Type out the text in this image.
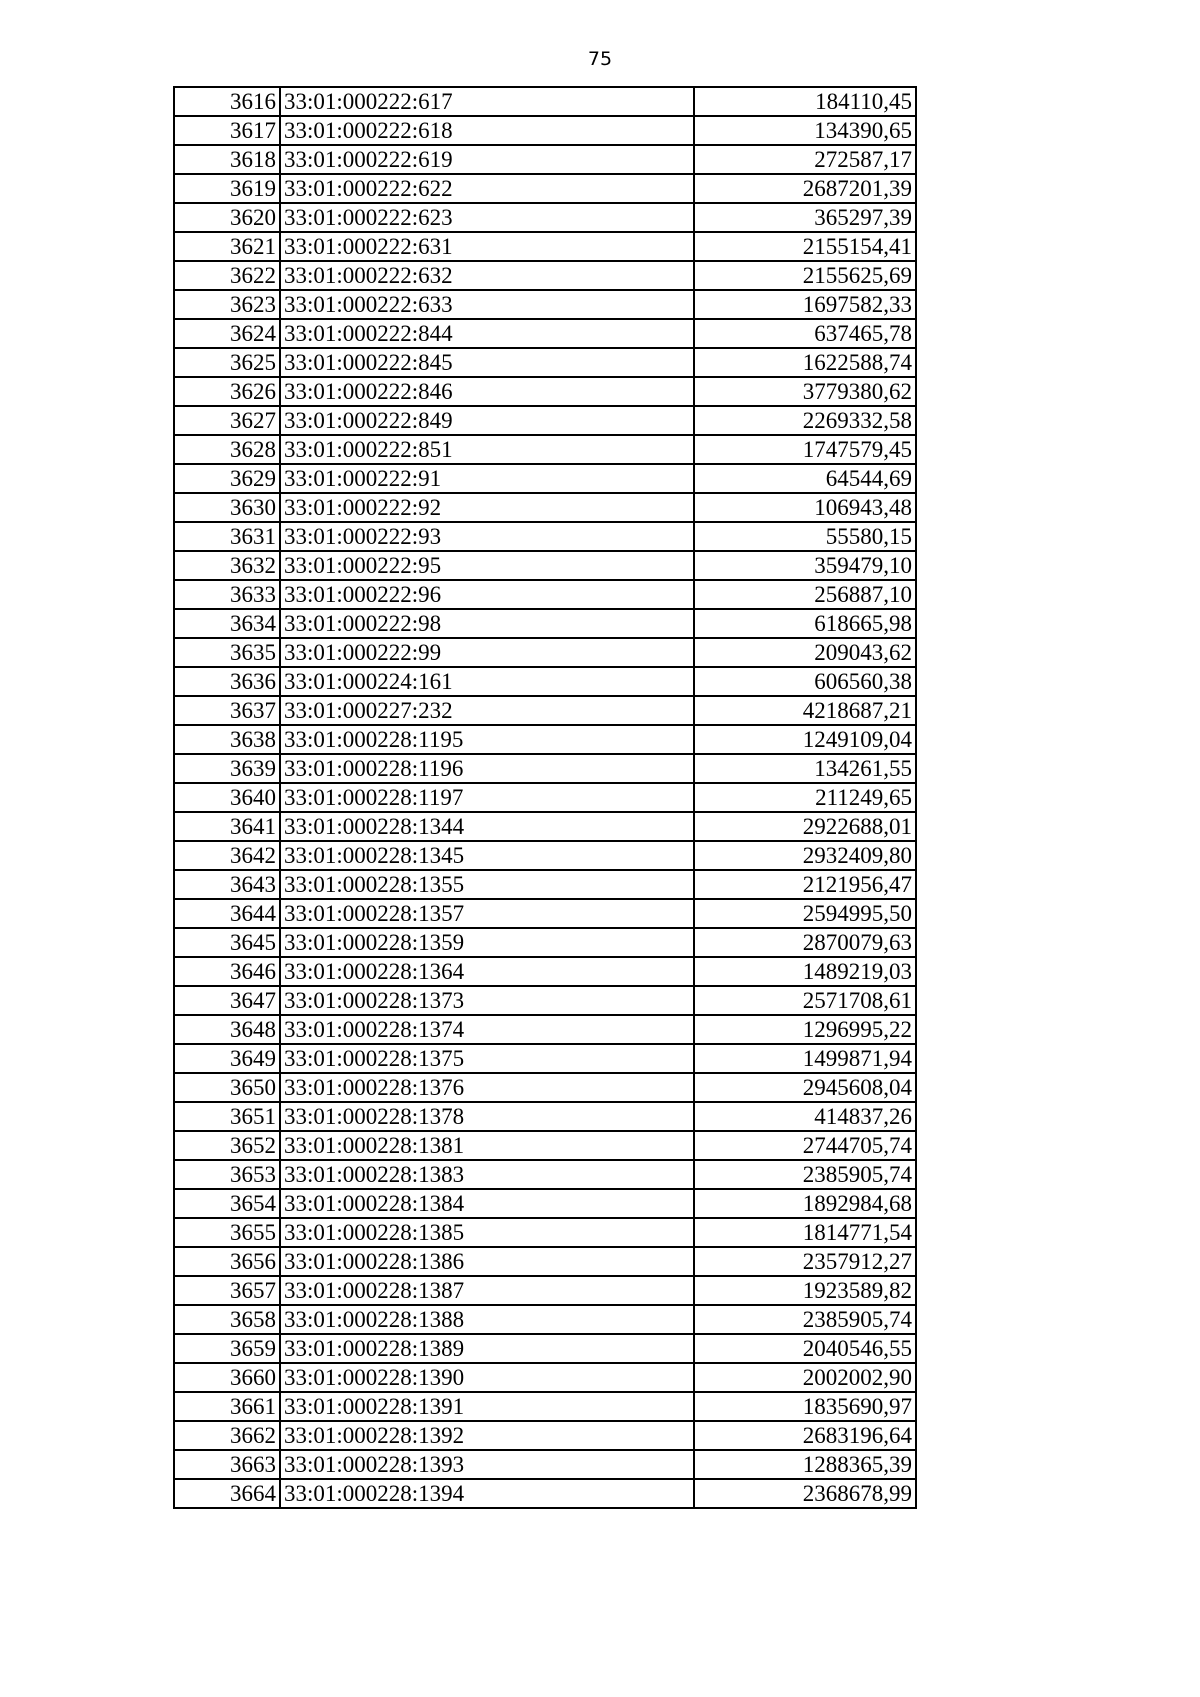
75
3616	33:01:000222:617	184110,45
3617	33:01:000222:618	134390,65
3618	33:01:000222:619	272587,17
3619	33:01:000222:622	2687201,39
3620	33:01:000222:623	365297,39
3621	33:01:000222:631	2155154,41
3622	33:01:000222:632	2155625,69
3623	33:01:000222:633	1697582,33
3624	33:01:000222:844	637465,78
3625	33:01:000222:845	1622588,74
3626	33:01:000222:846	3779380,62
3627	33:01:000222:849	2269332,58
3628	33:01:000222:851	1747579,45
3629	33:01:000222:91	64544,69
3630	33:01:000222:92	106943,48
3631	33:01:000222:93	55580,15
3632	33:01:000222:95	359479,10
3633	33:01:000222:96	256887,10
3634	33:01:000222:98	618665,98
3635	33:01:000222:99	209043,62
3636	33:01:000224:161	606560,38
3637	33:01:000227:232	4218687,21
3638	33:01:000228:1195	1249109,04
3639	33:01:000228:1196	134261,55
3640	33:01:000228:1197	211249,65
3641	33:01:000228:1344	2922688,01
3642	33:01:000228:1345	2932409,80
3643	33:01:000228:1355	2121956,47
3644	33:01:000228:1357	2594995,50
3645	33:01:000228:1359	2870079,63
3646	33:01:000228:1364	1489219,03
3647	33:01:000228:1373	2571708,61
3648	33:01:000228:1374	1296995,22
3649	33:01:000228:1375	1499871,94
3650	33:01:000228:1376	2945608,04
3651	33:01:000228:1378	414837,26
3652	33:01:000228:1381	2744705,74
3653	33:01:000228:1383	2385905,74
3654	33:01:000228:1384	1892984,68
3655	33:01:000228:1385	1814771,54
3656	33:01:000228:1386	2357912,27
3657	33:01:000228:1387	1923589,82
3658	33:01:000228:1388	2385905,74
3659	33:01:000228:1389	2040546,55
3660	33:01:000228:1390	2002002,90
3661	33:01:000228:1391	1835690,97
3662	33:01:000228:1392	2683196,64
3663	33:01:000228:1393	1288365,39
3664	33:01:000228:1394	2368678,99
